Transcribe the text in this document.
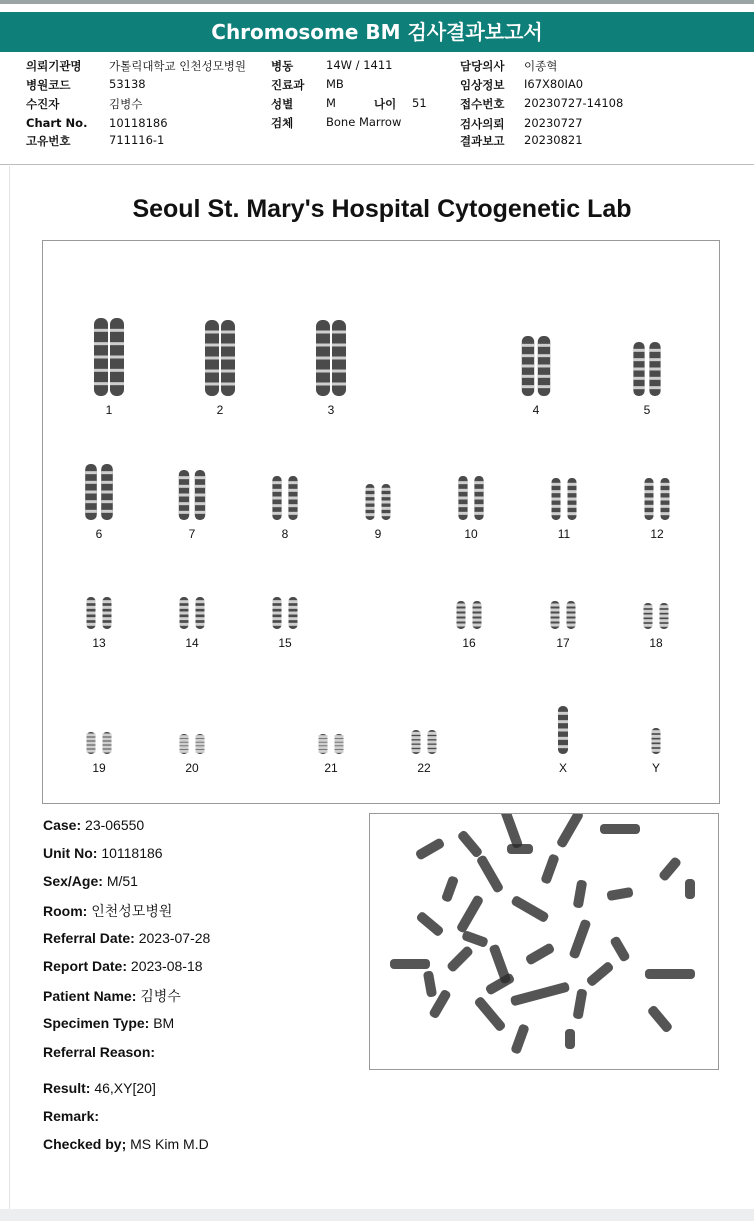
Chromosome BM 검사결과보고서
의뢰기관명 가톨릭대학교 인천성모병원
병원코드	53138
수진자	김병수
Chart No. 10118186
고유번호	711116-1
병동	14W / 1411
진료과 MB
성별	M	나이 51
검체	Bone Marrow
담당의사 이종혁
임상정보 I67X80IA0
접수번호 20230727-14108
검사의뢰 20230727
결과보고 20230821
Seoul St. Mary's Hospital Cytogenetic Lab
1	2	3	4	5
6	7	8	9	10	11	12
13	14	15	16	17	18
19	20	21	22	X	Y
Case: 23-06550
Unit No: 10118186
Sex/Age: M/51
Room: 인천성모병원
Referral Date: 2023-07-28
Report Date: 2023-08-18
Patient Name: 김병수
Specimen Type: BM
Referral Reason:
Result: 46,XY[20]
Remark:
Checked by; MS Kim M.D
